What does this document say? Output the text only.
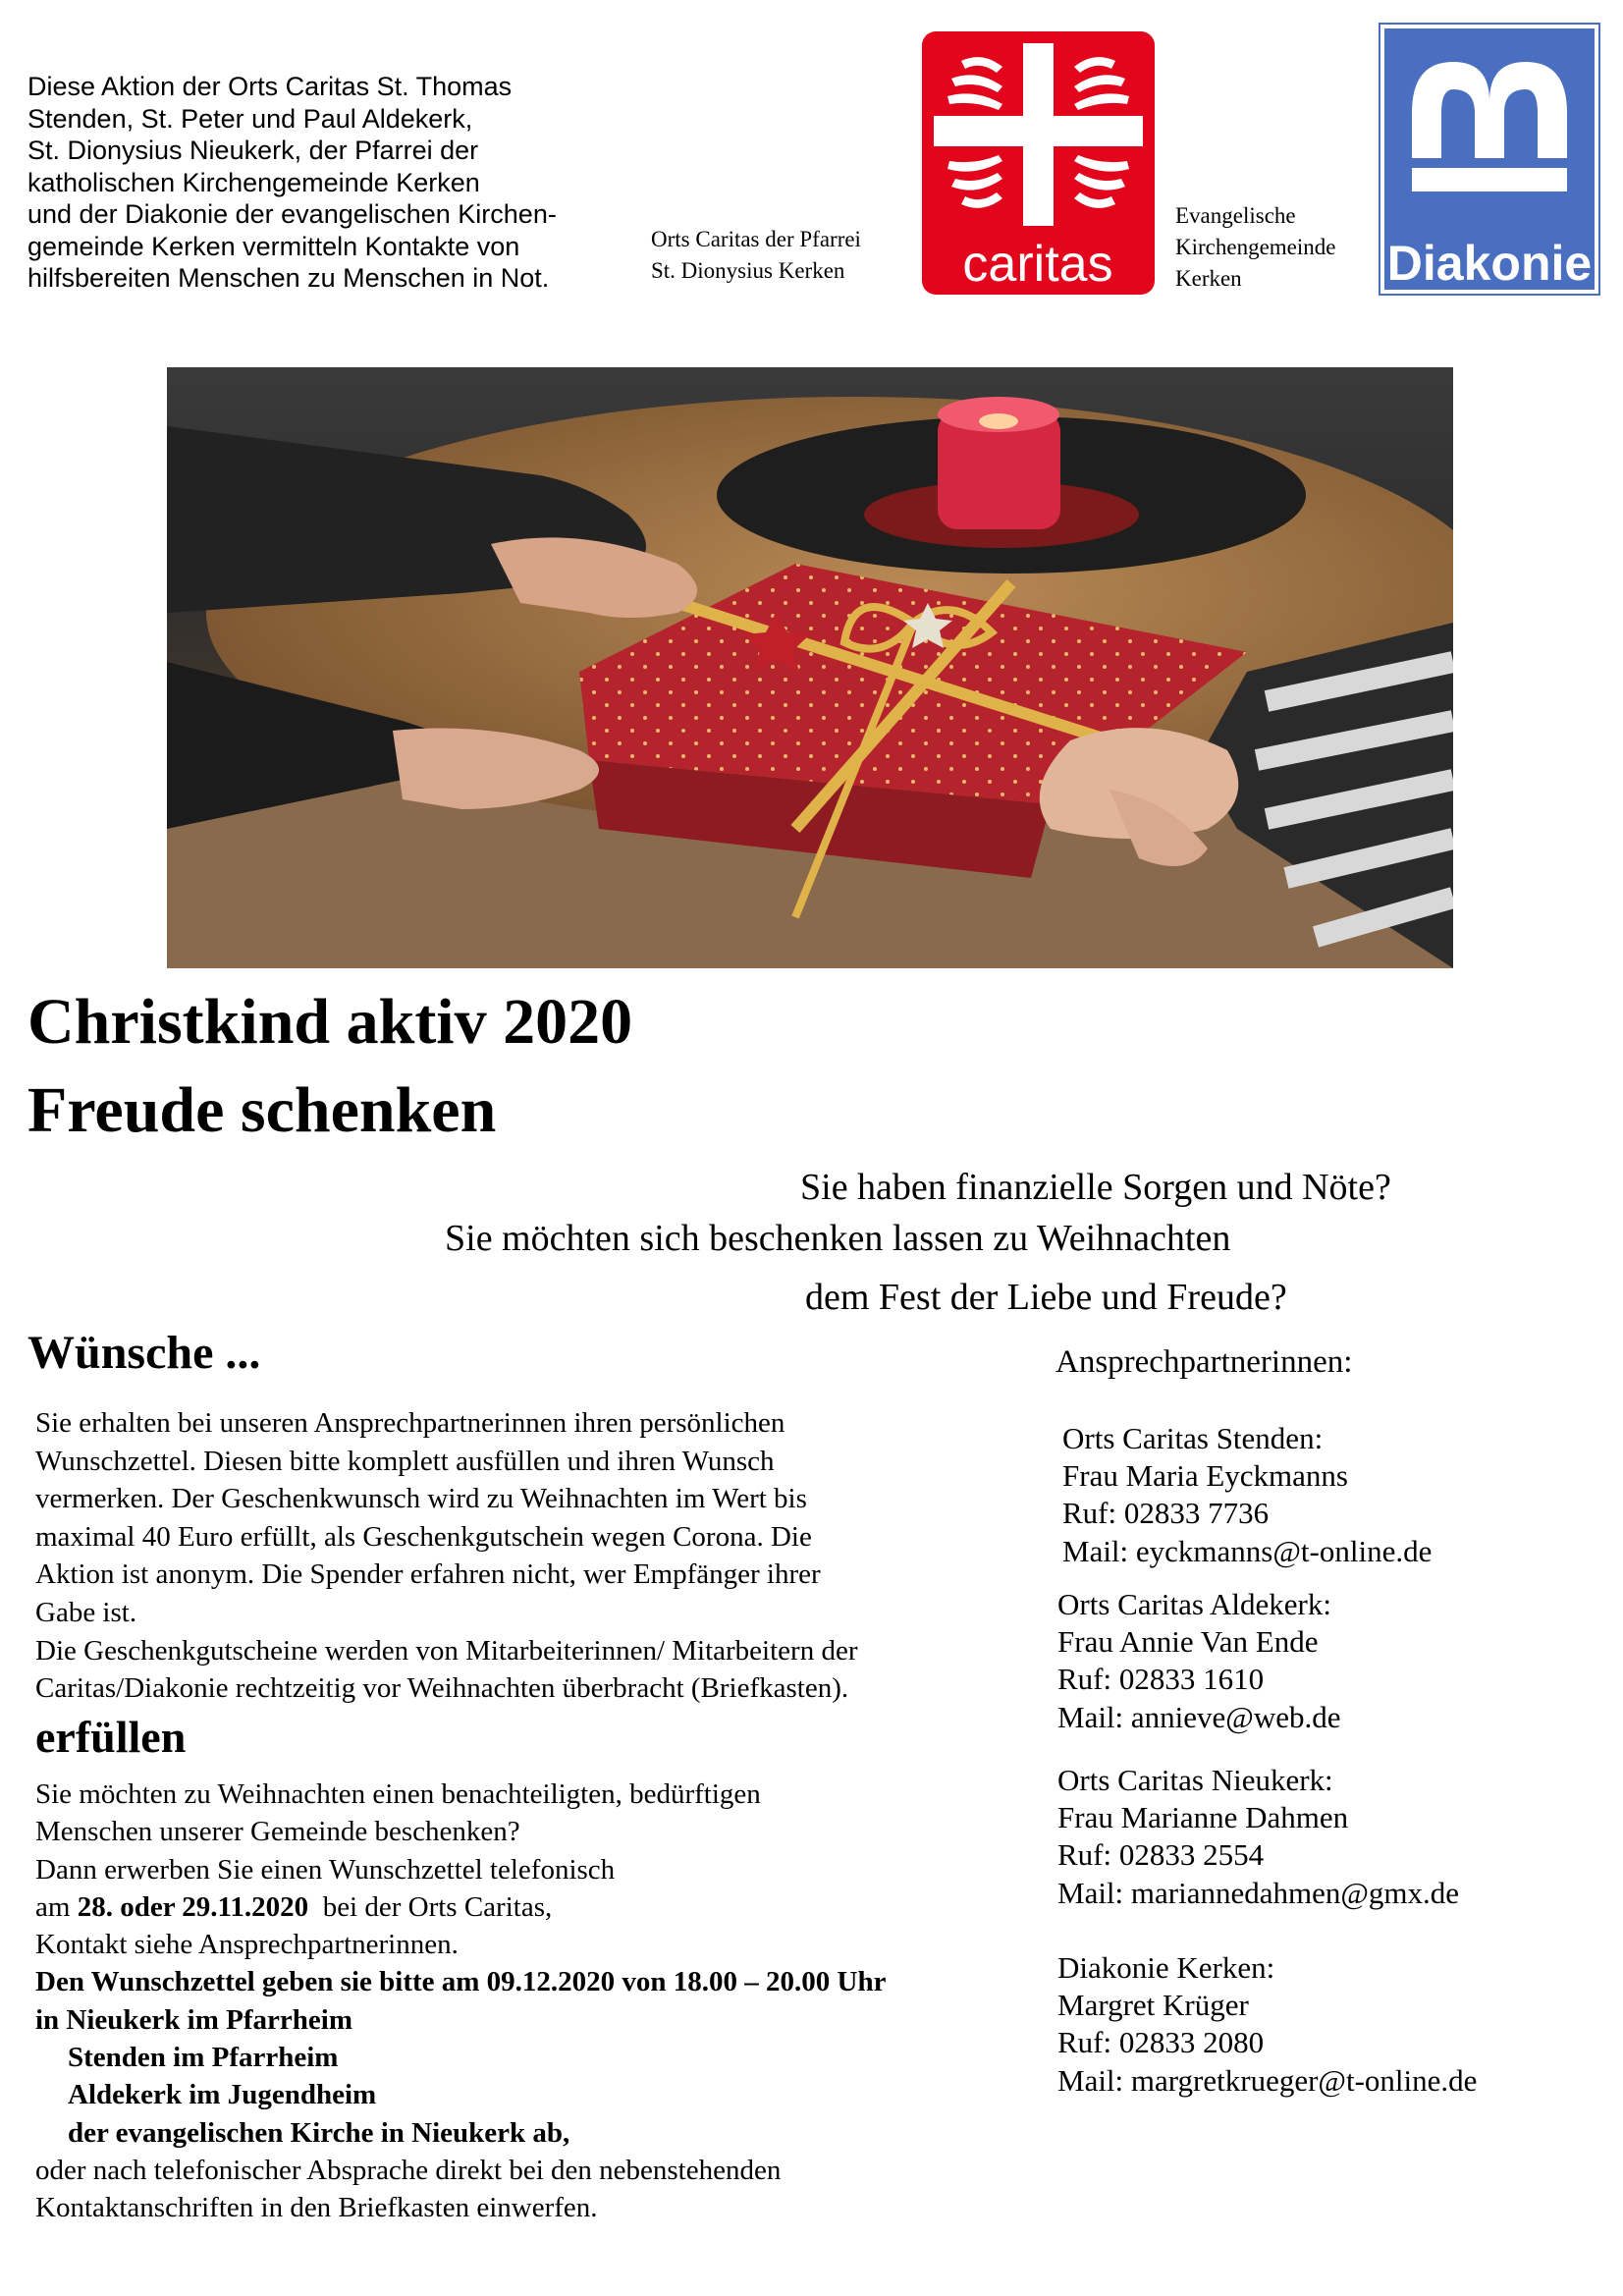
Diese Aktion der Orts Caritas St. Thomas
Stenden, St. Peter und Paul Aldekerk,
St. Dionysius Nieukerk, der Pfarrei der
katholischen Kirchengemeinde Kerken
und der Diakonie der evangelischen Kirchen-
gemeinde Kerken vermitteln Kontakte von
hilfsbereiten Menschen zu Menschen in Not.
Orts Caritas der Pfarrei
St. Dionysius Kerken	caritas
Evangelische
Kirchengemeinde
Kerken	Diakonie
Christkind aktiv 2020
Freude schenken
Sie haben finanzielle Sorgen und Nöte?
Sie möchten sich beschenken lassen zu Weihnachten
dem Fest der Liebe und Freude?
Wünsche ...
Sie erhalten bei unseren Ansprechpartnerinnen ihren persönlichen
Wunschzettel. Diesen bitte komplett ausfüllen und ihren Wunsch
vermerken. Der Geschenkwunsch wird zu Weihnachten im Wert bis
maximal 40 Euro erfüllt, als Geschenkgutschein wegen Corona. Die
Aktion ist anonym. Die Spender erfahren nicht, wer Empfänger ihrer
Gabe ist.
Die Geschenkgutscheine werden von Mitarbeiterinnen/ Mitarbeitern der
Caritas/Diakonie rechtzeitig vor Weihnachten überbracht (Briefkasten).
erfüllen
Sie möchten zu Weihnachten einen benachteiligten, bedürftigen
Menschen unserer Gemeinde beschenken?
Dann erwerben Sie einen Wunschzettel telefonisch
am 28. oder 29.11.2020  bei der Orts Caritas,
Kontakt siehe Ansprechpartnerinnen.
Den Wunschzettel geben sie bitte am 09.12.2020 von 18.00 – 20.00 Uhr
in Nieukerk im Pfarrheim
Stenden im Pfarrheim
Aldekerk im Jugendheim
der evangelischen Kirche in Nieukerk ab,
oder nach telefonischer Absprache direkt bei den nebenstehenden
Kontaktanschriften in den Briefkasten einwerfen.
Ansprechpartnerinnen:
Orts Caritas Stenden:
Frau Maria Eyckmanns
Ruf: 02833 7736
Mail: eyckmanns@t-online.de
Orts Caritas Aldekerk:
Frau Annie Van Ende
Ruf: 02833 1610
Mail: annieve@web.de
Orts Caritas Nieukerk:
Frau Marianne Dahmen
Ruf: 02833 2554
Mail: mariannedahmen@gmx.de
Diakonie Kerken:
Margret Krüger
Ruf: 02833 2080
Mail: margretkrueger@t-online.de
